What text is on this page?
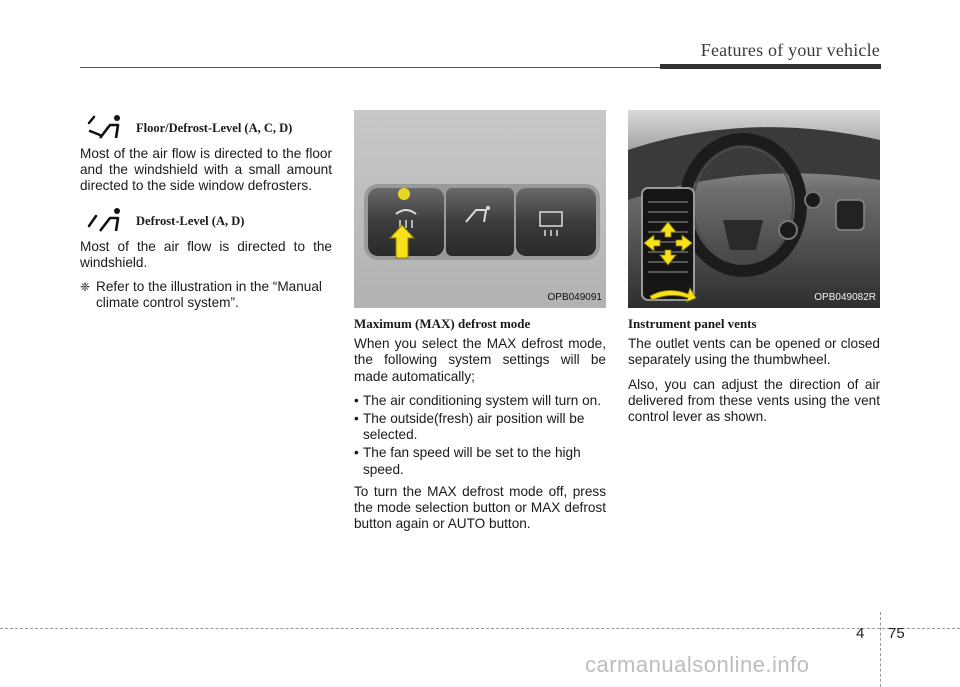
Features of your vehicle
Floor/Defrost-Level (A, C, D)

Most of the air flow is directed to the floor and the windshield with a small amount directed to the side window defrosters.

Defrost-Level (A, D)

Most of the air flow is directed to the windshield.

❈ Refer to the illustration in the “Manual climate control system”.	OPB049091
Maximum (MAX) defrost mode

When you select the MAX defrost mode, the following system settings will be made automatically;

• The air conditioning system will turn on.
• The outside(fresh) air position will be selected.
• The fan speed will be set to the high speed.

To turn the MAX defrost mode off, press the mode selection button or MAX defrost button again or AUTO button.

OPB049082R
Instrument panel vents

The outlet vents can be opened or closed separately using the thumbwheel.

Also, you can adjust the direction of air delivered from these vents using the vent control lever as shown.

4 75
carmanualsonline.info
